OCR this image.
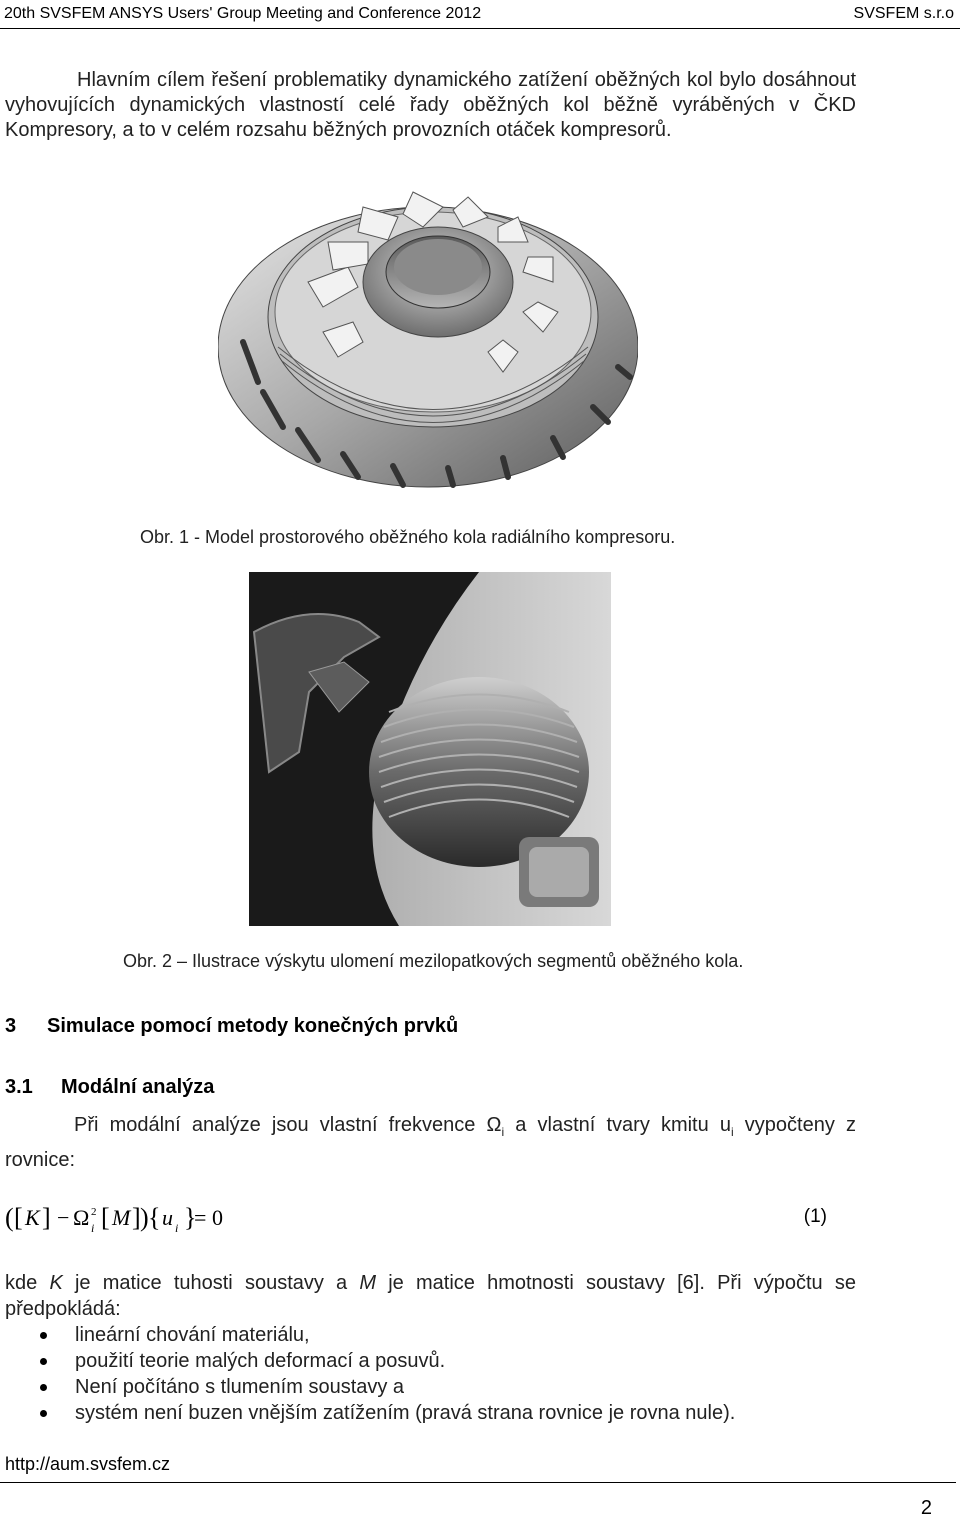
20th SVSFEM ANSYS Users' Group Meeting and Conference 2012	SVSFEM s.r.o
Hlavním cílem řešení problematiky dynamického zatížení oběžných kol bylo dosáhnout vyhovujících dynamických vlastností celé řady oběžných kol běžně vyráběných v ČKD Kompresory, a to v celém rozsahu běžných provozních otáček kompresorů.
Obr. 1 - Model prostorového oběžného kola radiálního kompresoru.
Obr. 2 – Ilustrace výskytu ulomení mezilopatkových segmentů oběžného kola.
3 Simulace pomocí metody konečných prvků
3.1 Modální analýza
Při modální analýze jsou vlastní frekvence $\Omega_i$ a vlastní tvary kmitu $u_i$ vypočteny z rovnice:
( [ K ] − Ω 2
i [ M ] ) { u i }
= 0	(1)
kde K je matice tuhosti soustavy a M je matice hmotnosti soustavy [6]. Při výpočtu se předpokládá:
lineární chování materiálu,
použití teorie malých deformací a posuvů.
Není počítáno s tlumením soustavy a
systém není buzen vnějším zatížením (pravá strana rovnice je rovna nule).
http://aum.svsfem.cz
2
